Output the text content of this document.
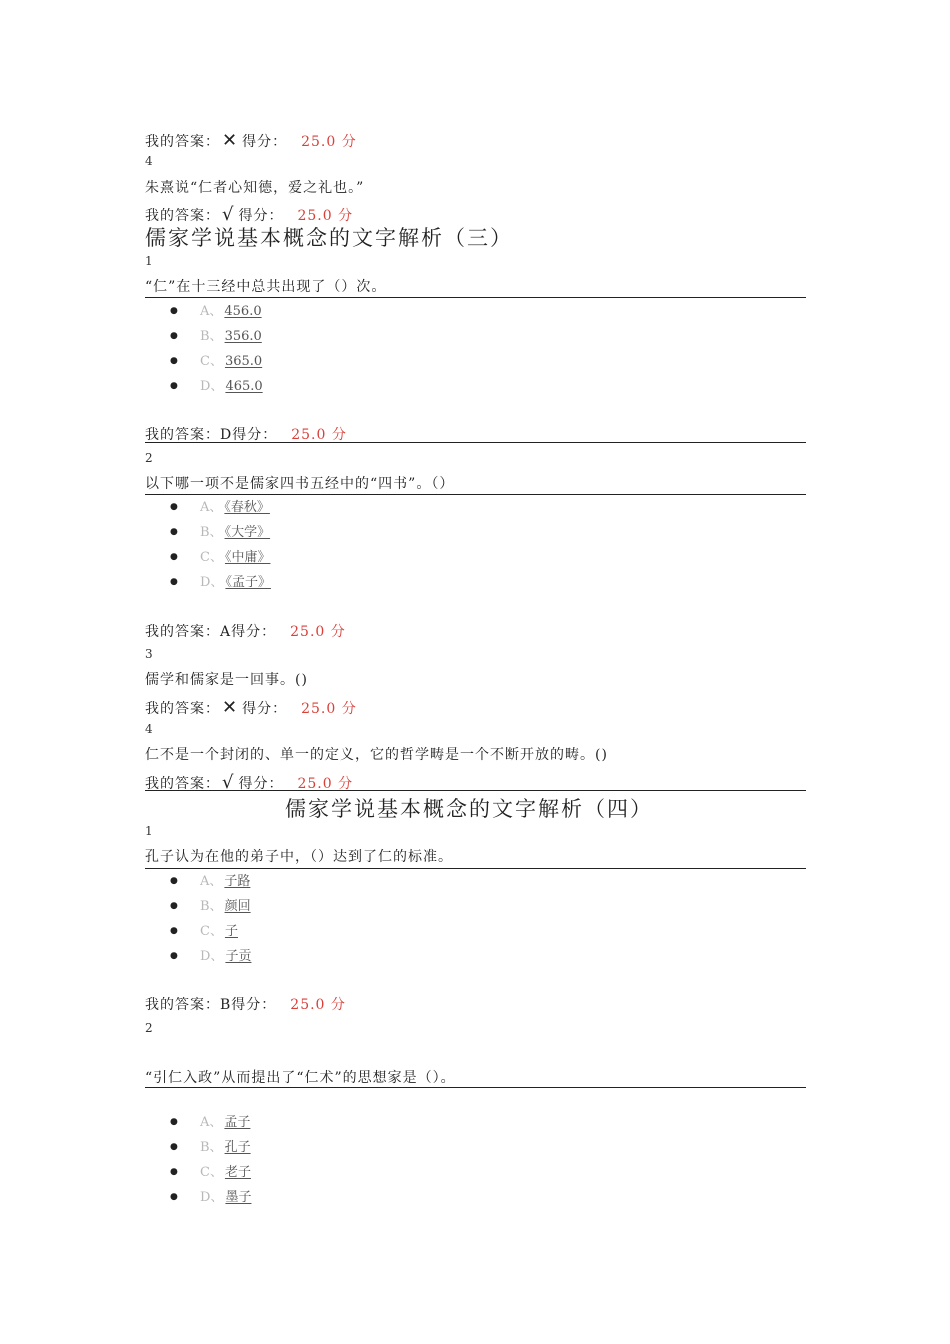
我的答案： ✕ 得分： 25.0 分
4
朱熹说“仁者心知德，爱之礼也。”
我的答案： √ 得分： 25.0 分
儒家学说基本概念的文字解析（三）
1
“仁”在十三经中总共出现了（）次。
● A、 456.0
● B、 356.0
● C、 365.0
● D、 465.0
我的答案：D得分： 25.0 分
2
以下哪一项不是儒家四书五经中的“四书”。（）
● A、 《春秋》
● B、 《大学》
● C、 《中庸》
● D、 《孟子》
我的答案：A得分： 25.0 分
3
儒学和儒家是一回事。()
我的答案： ✕ 得分： 25.0 分
4
仁不是一个封闭的、单一的定义，它的哲学畴是一个不断开放的畴。()
我的答案： √ 得分： 25.0 分
儒家学说基本概念的文字解析（四）
1
孔子认为在他的弟子中，（）达到了仁的标准。
● A、 子路
● B、 颜回
● C、 子
● D、 子贡
我的答案：B得分： 25.0 分
2
“引仁入政”从而提出了“仁术”的思想家是（）。
● A、 孟子
● B、 孔子
● C、 老子
● D、 墨子
